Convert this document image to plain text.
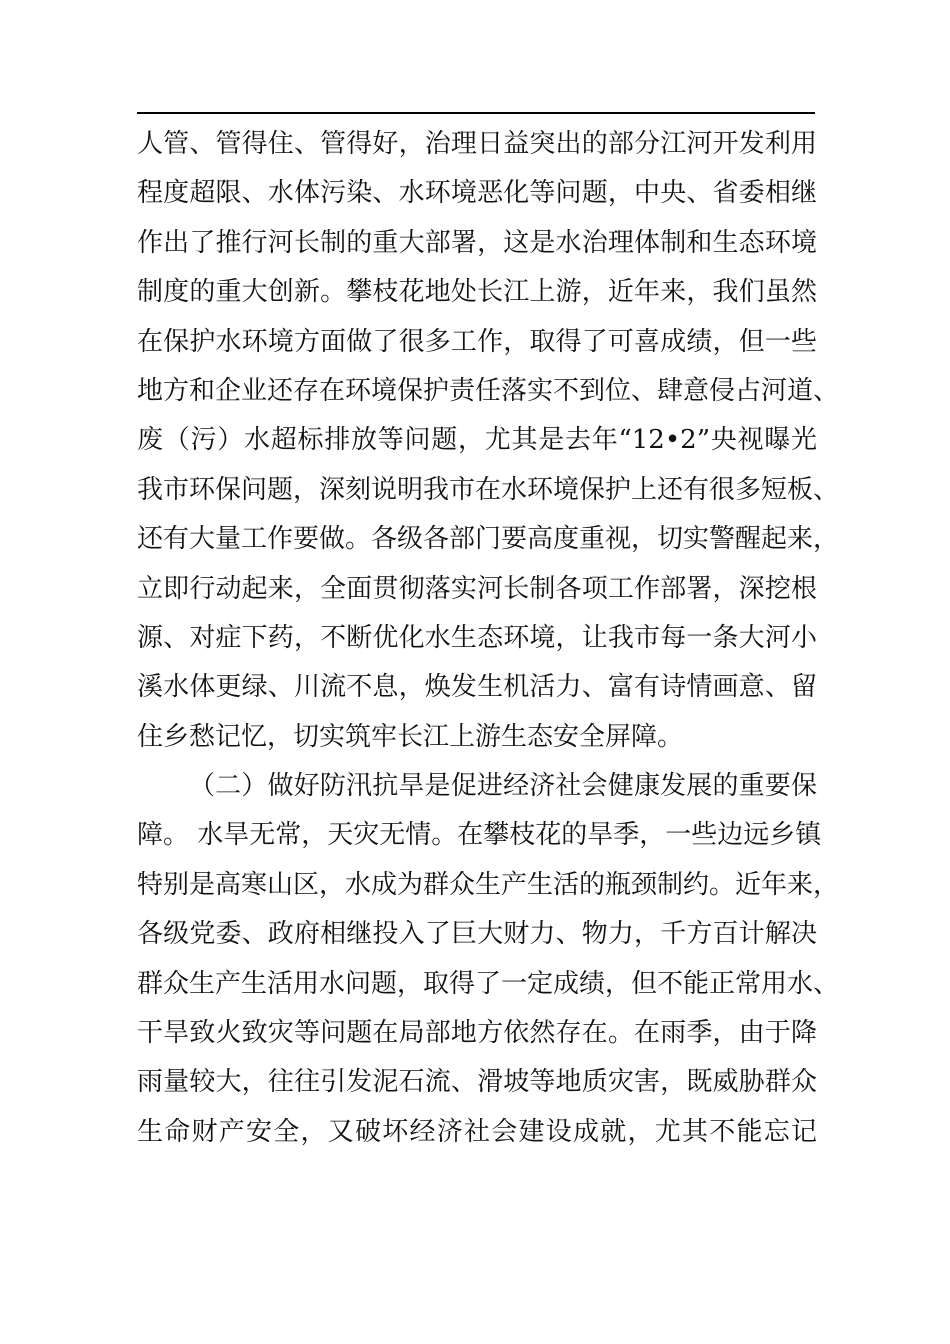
人管、管得住、管得好，治理日益突出的部分江河开发利用
程度超限、水体污染、水环境恶化等问题，中央、省委相继
作出了推行河长制的重大部署，这是水治理体制和生态环境
制度的重大创新。攀枝花地处长江上游，近年来，我们虽然
在保护水环境方面做了很多工作，取得了可喜成绩，但一些
地方和企业还存在环境保护责任落实不到位、肆意侵占河道、
废（污）水超标排放等问题，尤其是去年“12•2”央视曝光
我市环保问题，深刻说明我市在水环境保护上还有很多短板、
还有大量工作要做。各级各部门要高度重视，切实警醒起来，
立即行动起来，全面贯彻落实河长制各项工作部署，深挖根
源、对症下药，不断优化水生态环境，让我市每一条大河小
溪水体更绿、川流不息，焕发生机活力、富有诗情画意、留
住乡愁记忆，切实筑牢长江上游生态安全屏障。
（二）做好防汛抗旱是促进经济社会健康发展的重要保
障。 水旱无常，天灾无情。在攀枝花的旱季，一些边远乡镇
特别是高寒山区，水成为群众生产生活的瓶颈制约。近年来，
各级党委、政府相继投入了巨大财力、物力，千方百计解决
群众生产生活用水问题，取得了一定成绩，但不能正常用水、
干旱致火致灾等问题在局部地方依然存在。在雨季，由于降
雨量较大，往往引发泥石流、滑坡等地质灾害，既威胁群众
生命财产安全，又破坏经济社会建设成就，尤其不能忘记
